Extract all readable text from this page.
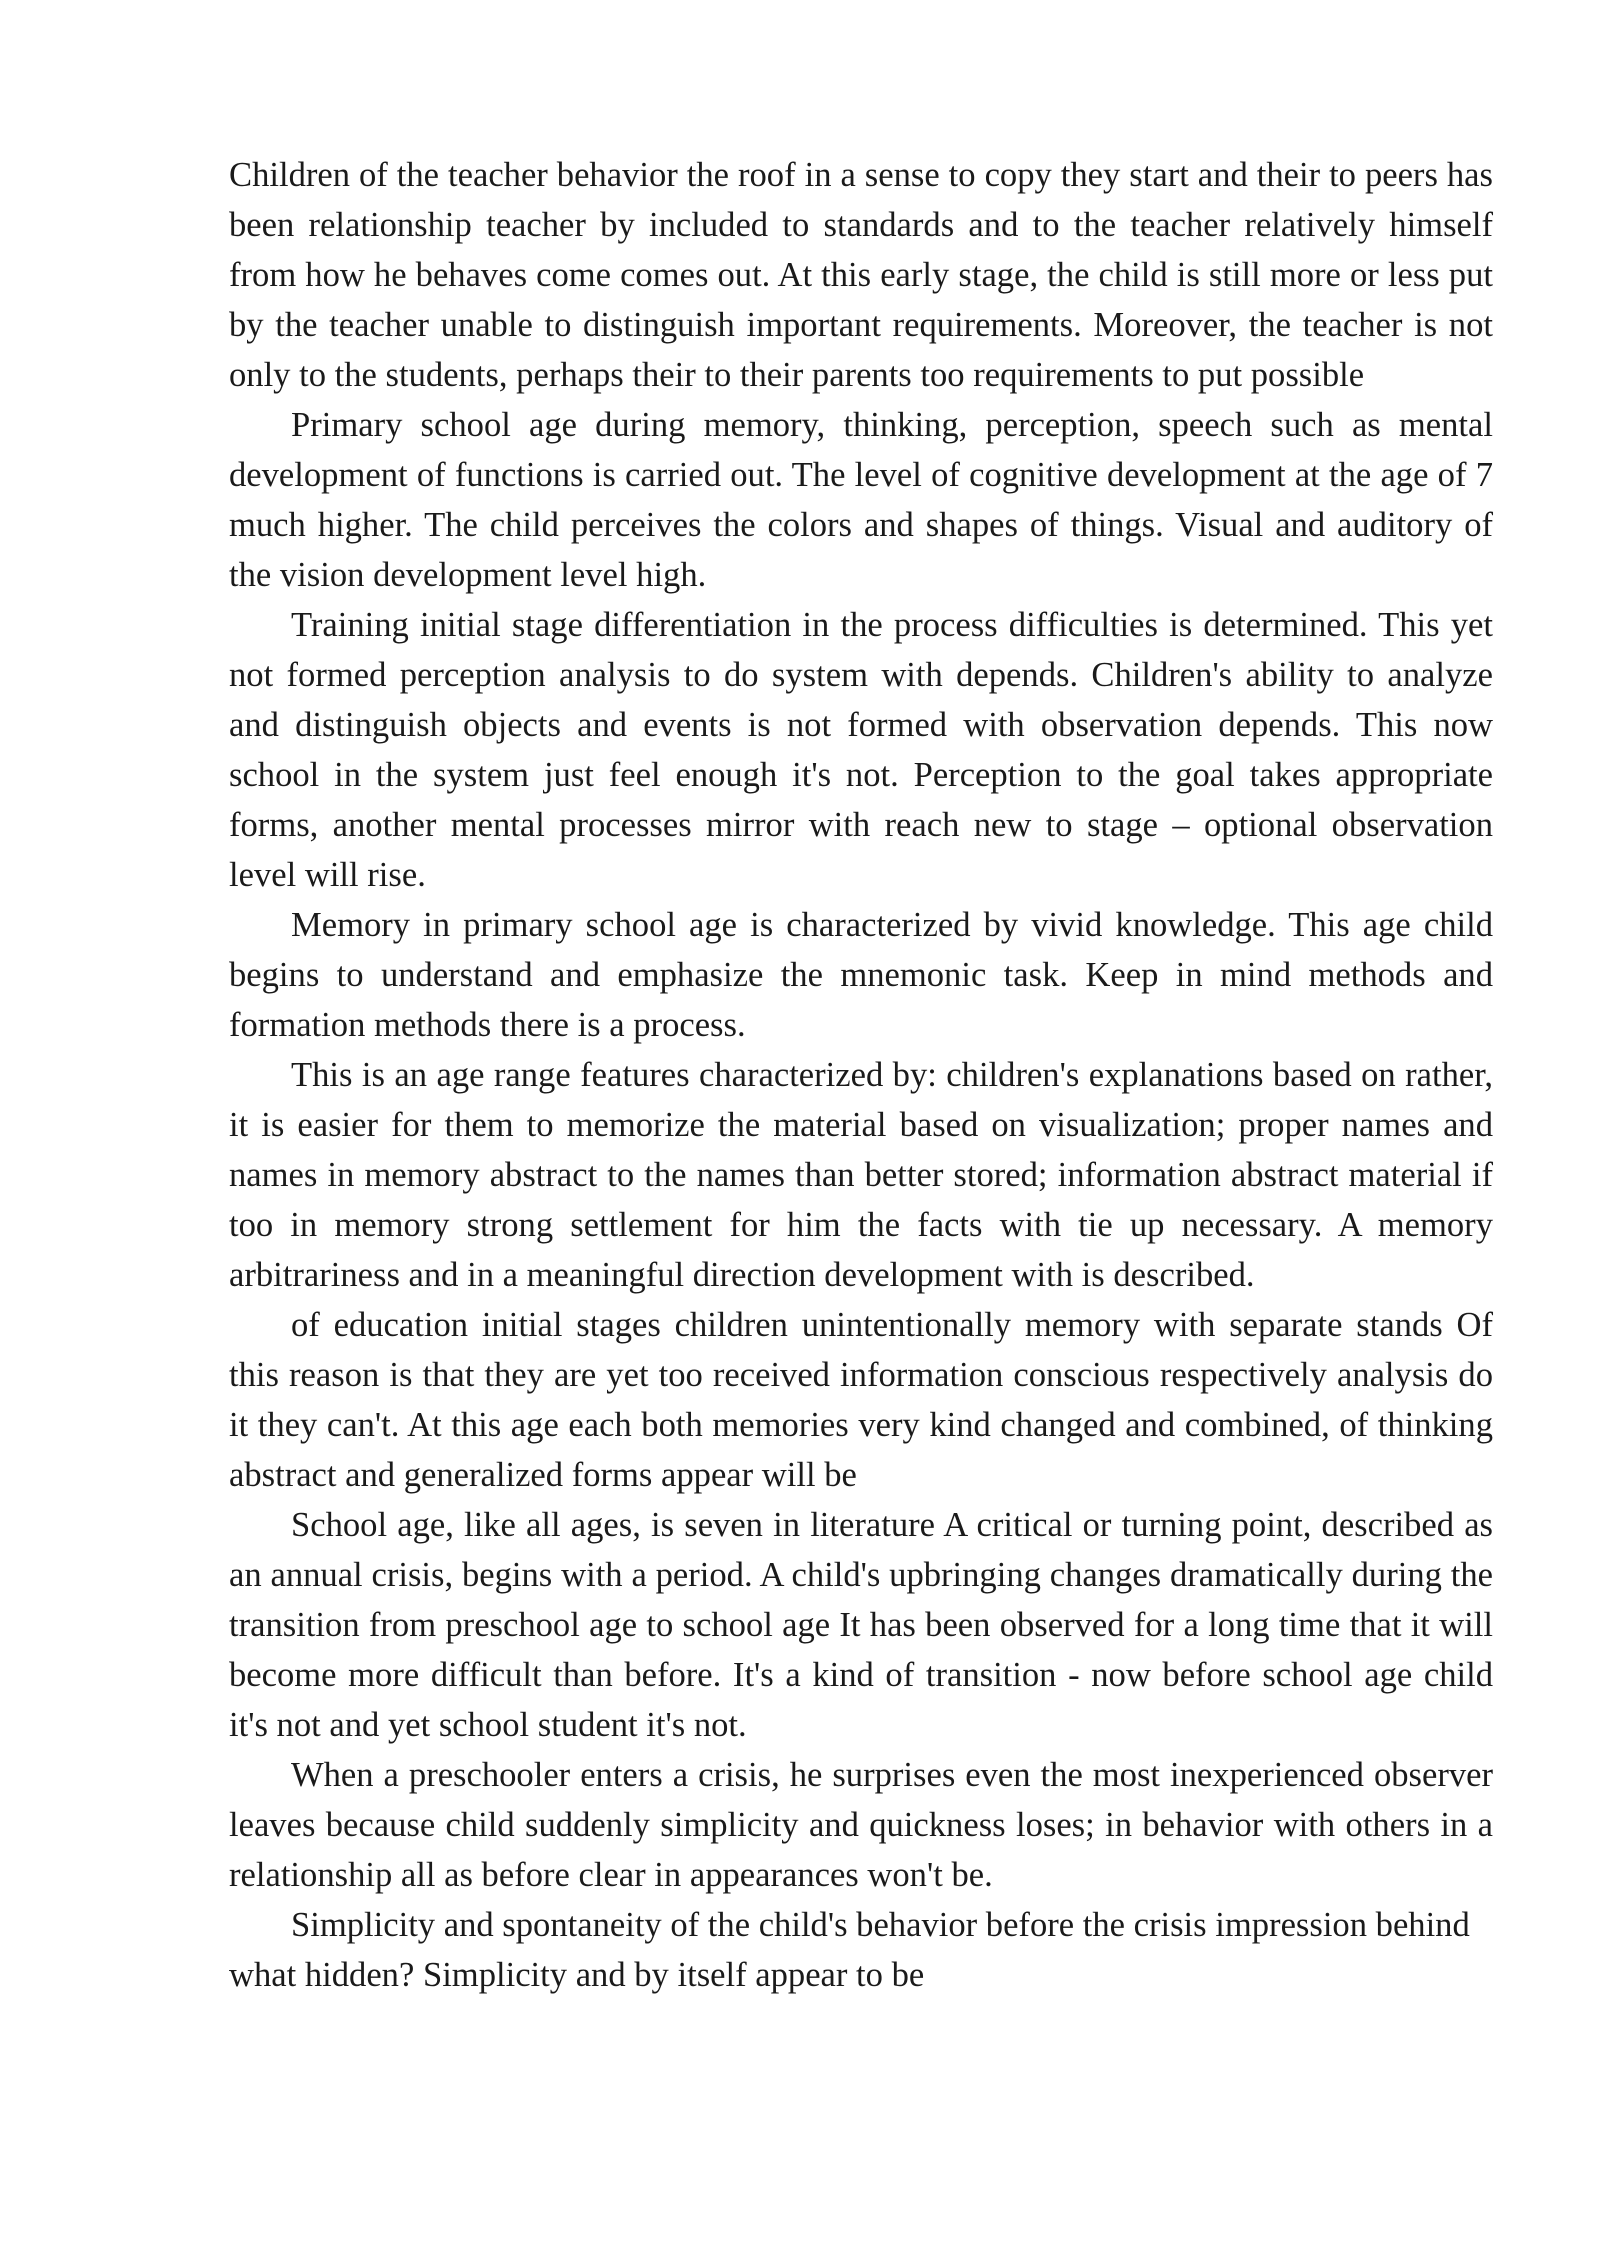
Children of the teacher behavior the roof in a sense to copy they start and their to peers has been relationship teacher by included to standards and to the teacher relatively himself from how he behaves come comes out. At this early stage, the child is still more or less put by the teacher unable to distinguish important requirements. Moreover, the teacher is not only to the students, perhaps their to their parents too requirements to put possible

Primary school age during memory, thinking, perception, speech such as mental development of functions is carried out. The level of cognitive development at the age of 7 much higher. The child perceives the colors and shapes of things. Visual and auditory of the vision development level high.

Training initial stage differentiation in the process difficulties is determined. This yet not formed perception analysis to do system with depends. Children's ability to analyze and distinguish objects and events is not formed with observation depends. This now school in the system just feel enough it's not. Perception to the goal takes appropriate forms, another mental processes mirror with reach new to stage – optional observation level will rise.

Memory in primary school age is characterized by vivid knowledge. This age child begins to understand and emphasize the mnemonic task. Keep in mind methods and formation methods there is a process.

This is an age range features characterized by: children's explanations based on rather, it is easier for them to memorize the material based on visualization; proper names and names in memory abstract to the names than better stored; information abstract material if too in memory strong settlement for him the facts with tie up necessary. A memory arbitrariness and in a meaningful direction development with is described.

of education initial stages children unintentionally memory with separate stands Of this reason is that they are yet too received information conscious respectively analysis do it they can't. At this age each both memories very kind changed and combined, of thinking abstract and generalized forms appear will be

School age, like all ages, is seven in literature A critical or turning point, described as an annual crisis, begins with a period. A child's upbringing changes dramatically during the transition from preschool age to school age It has been observed for a long time that it will become more difficult than before. It's a kind of transition - now before school age child it's not and yet school student it's not.

When a preschooler enters a crisis, he surprises even the most inexperienced observer leaves because child suddenly simplicity and quickness loses; in behavior with others in a relationship all as before clear in appearances won't be.

Simplicity and spontaneity of the child's behavior before the crisis impression behind what hidden? Simplicity and by itself appear to be
